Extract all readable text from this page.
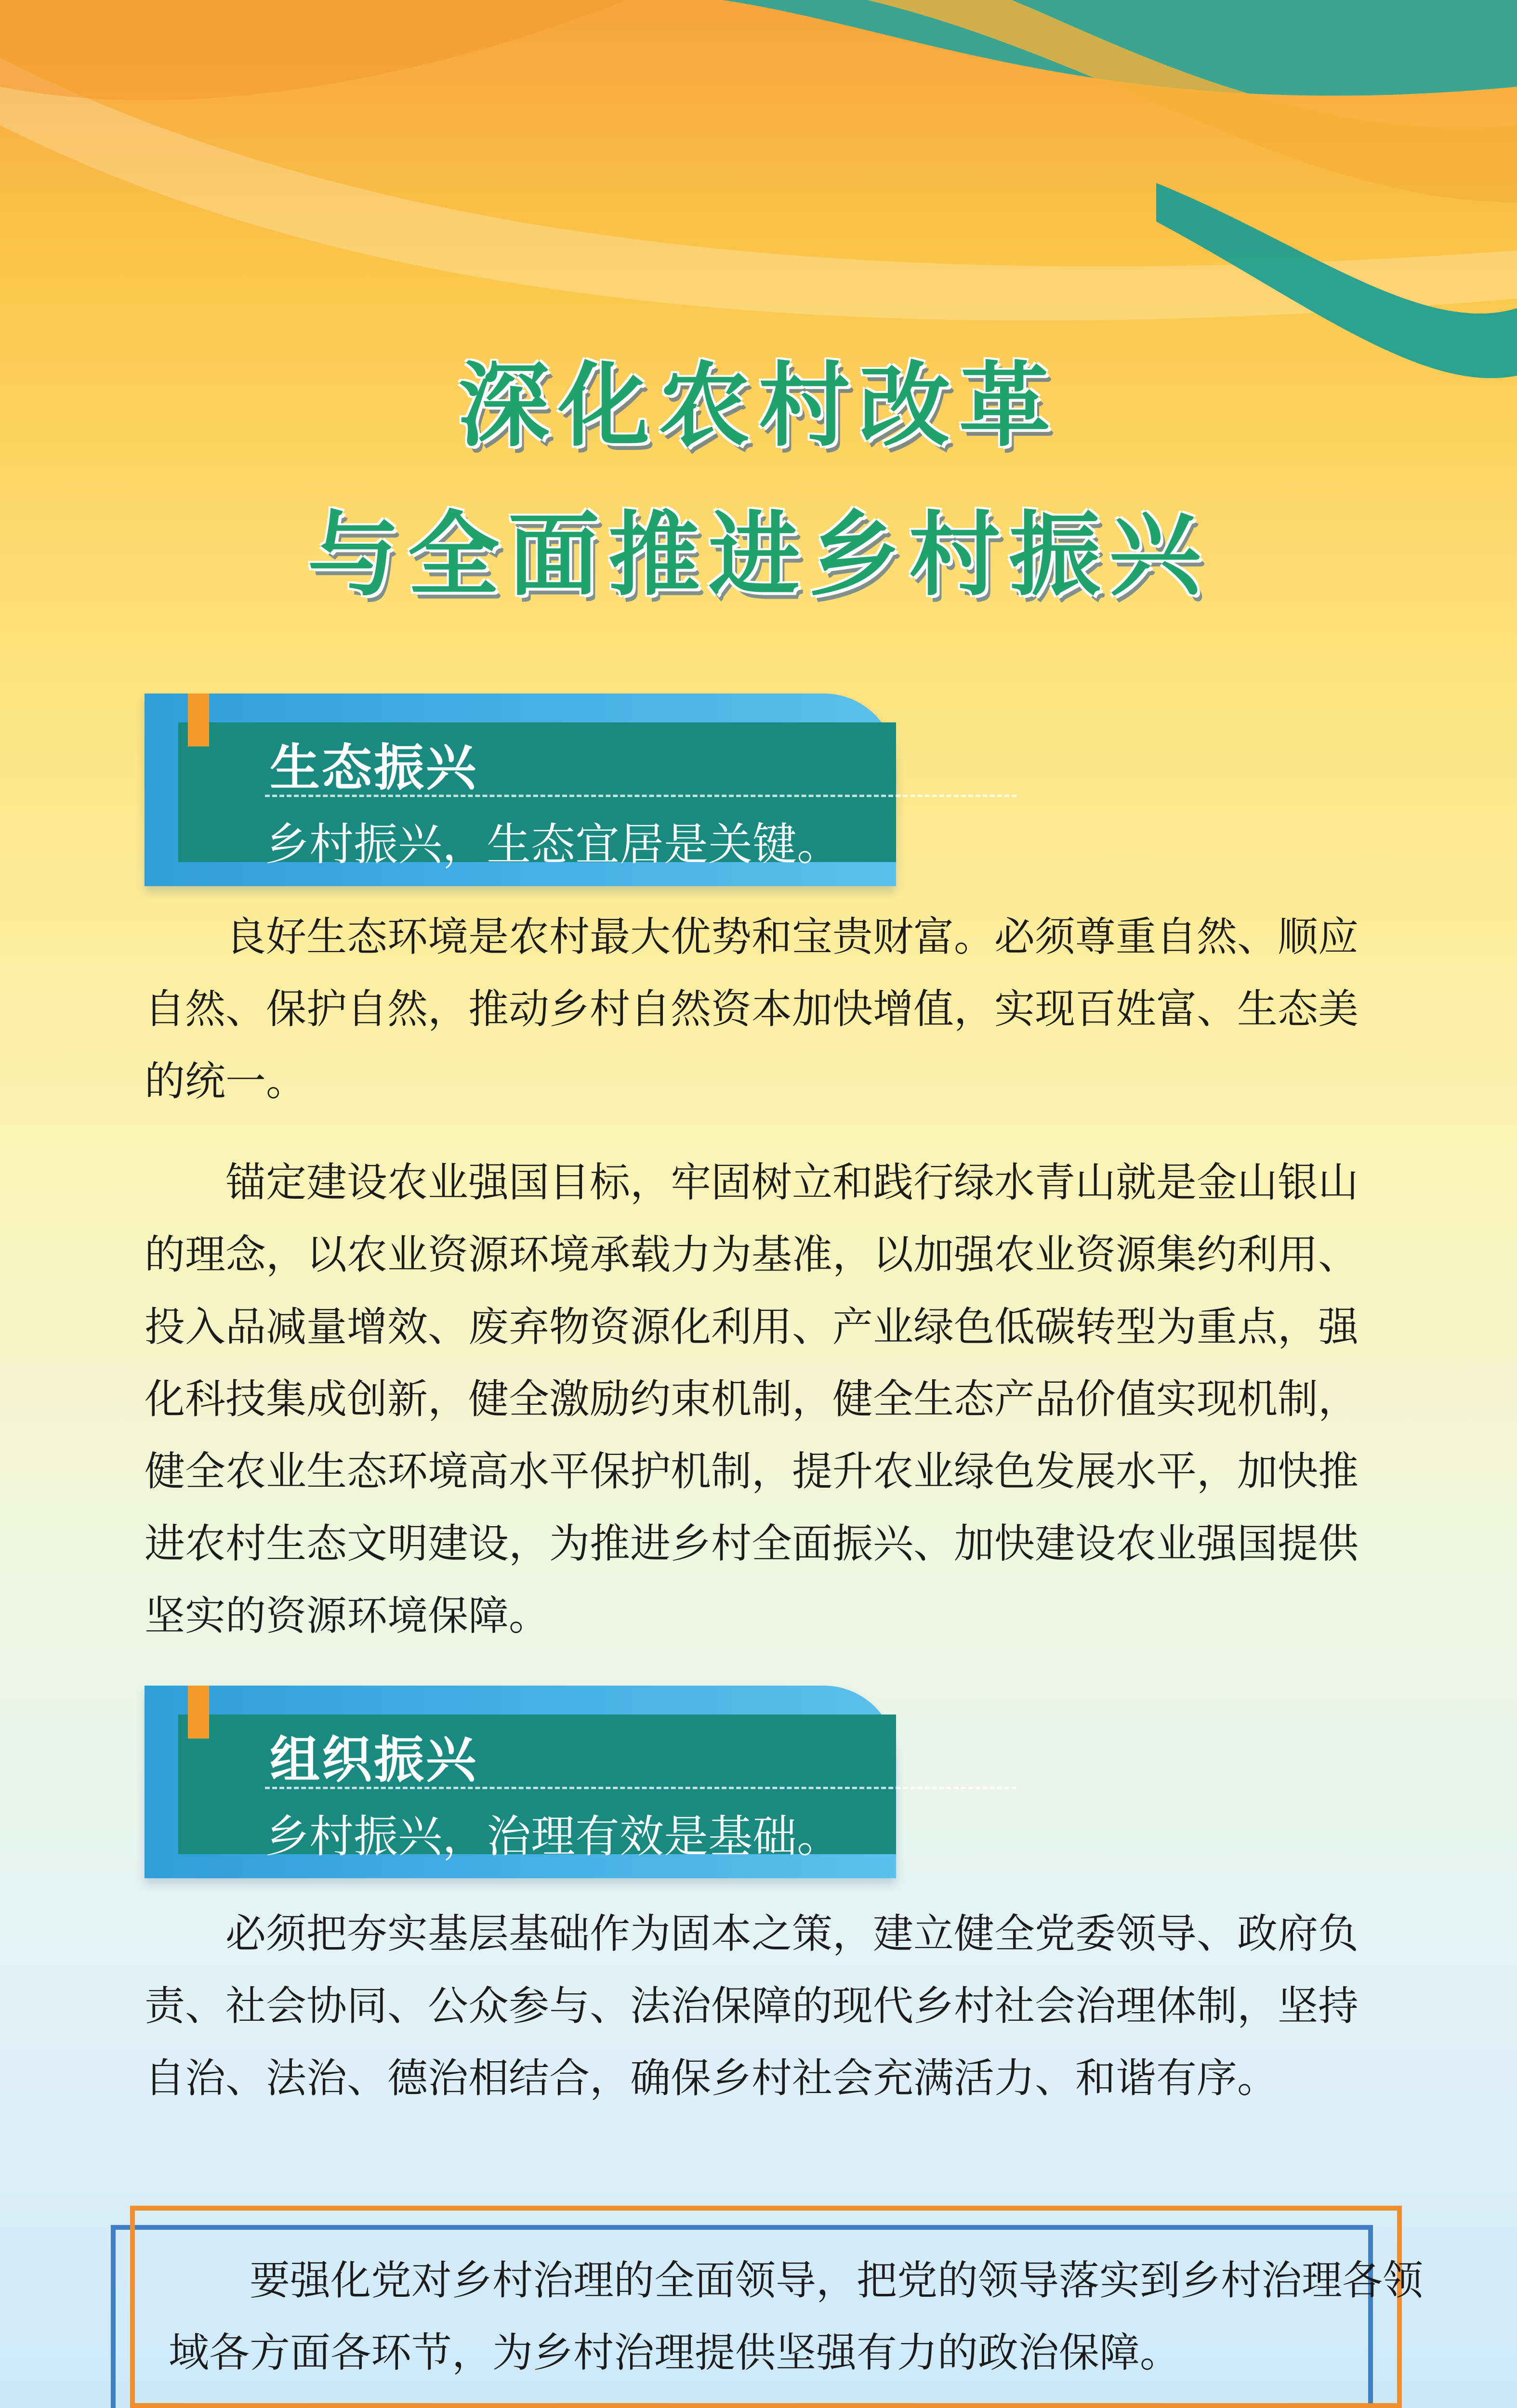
深化农村改革
与全面推进乡村振兴
生态振兴
乡村振兴，生态宜居是关键。

良好生态环境是农村最大优势和宝贵财富。必须尊重自然、顺应自然、保护自然，推动乡村自然资本加快增值，实现百姓富、生态美的统一。

锚定建设农业强国目标，牢固树立和践行绿水青山就是金山银山的理念，以农业资源环境承载力为基准，以加强农业资源集约利用、投入品减量增效、废弃物资源化利用、产业绿色低碳转型为重点，强化科技集成创新，健全激励约束机制，健全生态产品价值实现机制，健全农业生态环境高水平保护机制，提升农业绿色发展水平，加快推进农村生态文明建设，为推进乡村全面振兴、加快建设农业强国提供坚实的资源环境保障。

组织振兴
乡村振兴，治理有效是基础。

必须把夯实基层基础作为固本之策，建立健全党委领导、政府负责、社会协同、公众参与、法治保障的现代乡村社会治理体制，坚持自治、法治、德治相结合，确保乡村社会充满活力、和谐有序。

要强化党对乡村治理的全面领导，把党的领导落实到乡村治理各领域各方面各环节，为乡村治理提供坚强有力的政治保障。
